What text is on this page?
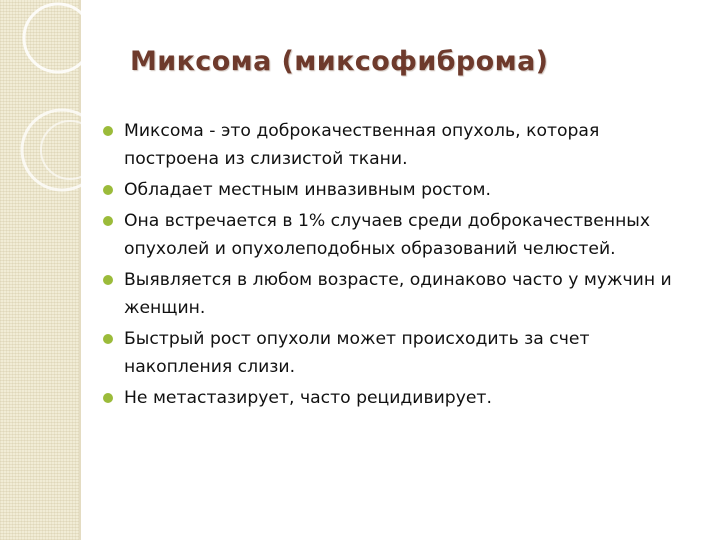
Миксома (миксофиброма)
Миксома - это доброкачественная опухоль, которая построена из слизистой ткани.
Обладает местным инвазивным ростом.
Она встречается в 1% случаев среди доброкачественных опухолей и опухолеподобных образований челюстей.
Выявляется в любом возрасте, одинаково часто у мужчин и женщин.
Быстрый рост опухоли может происходить за счет накопления слизи.
Не метастазирует, часто рецидивирует.
